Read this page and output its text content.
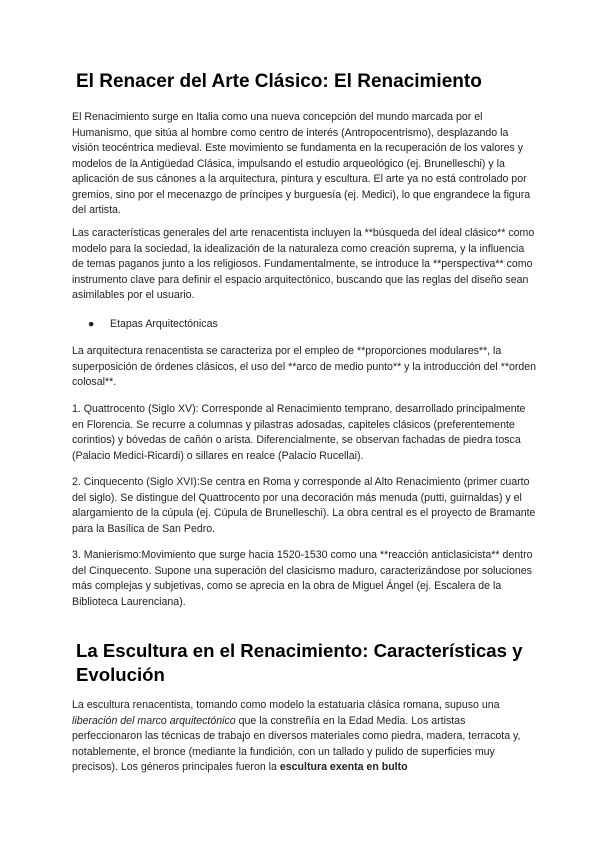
El Renacer del Arte Clásico: El Renacimiento

El Renacimiento surge en Italia como una nueva concepción del mundo marcada por el Humanismo, que sitúa al hombre como centro de interés (Antropocentrismo), desplazando la visión teocéntrica medieval. Este movimiento se fundamenta en la recuperación de los valores y modelos de la Antigüedad Clásica, impulsando el estudio arqueológico (ej. Brunelleschi) y la aplicación de sus cánones a la arquitectura, pintura y escultura. El arte ya no está controlado por gremios, sino por el mecenazgo de príncipes y burguesía (ej. Medici), lo que engrandece la figura del artista.

Las características generales del arte renacentista incluyen la **búsqueda del ideal clásico** como modelo para la sociedad, la idealización de la naturaleza como creación suprema, y la influencia de temas paganos junto a los religiosos. Fundamentalmente, se introduce la **perspectiva** como instrumento clave para definir el espacio arquitectónico, buscando que las reglas del diseño sean asimilables por el usuario.

● Etapas Arquitectónicas

La arquitectura renacentista se caracteriza por el empleo de **proporciones modulares**, la superposición de órdenes clásicos, el uso del **arco de medio punto** y la introducción del **orden colosal**.

1. Quattrocento (Siglo XV): Corresponde al Renacimiento temprano, desarrollado principalmente en Florencia. Se recurre a columnas y pilastras adosadas, capiteles clásicos (preferentemente corintios) y bóvedas de cañón o arista. Diferencialmente, se observan fachadas de piedra tosca (Palacio Medici-Ricardi) o sillares en realce (Palacio Rucellai).

2. Cinquecento (Siglo XVI):Se centra en Roma y corresponde al Alto Renacimiento (primer cuarto del siglo). Se distingue del Quattrocento por una decoración más menuda (putti, guirnaldas) y el alargamiento de la cúpula (ej. Cúpula de Brunelleschi). La obra central es el proyecto de Bramante para la Basílica de San Pedro.

3. Manierismo:Movimiento que surge hacia 1520-1530 como una **reacción anticlasicista** dentro del Cinquecento. Supone una superación del clasicismo maduro, caracterizándose por soluciones más complejas y subjetivas, como se aprecia en la obra de Miguel Ángel (ej. Escalera de la Biblioteca Laurenciana).

La Escultura en el Renacimiento: Características y Evolución

La escultura renacentista, tomando como modelo la estatuaria clásica romana, supuso una liberación del marco arquitectónico que la constreñía en la Edad Media. Los artistas perfeccionaron las técnicas de trabajo en diversos materiales como piedra, madera, terracota y, notablemente, el bronce (mediante la fundición, con un tallado y pulido de superficies muy precisos). Los géneros principales fueron la escultura exenta en bulto
